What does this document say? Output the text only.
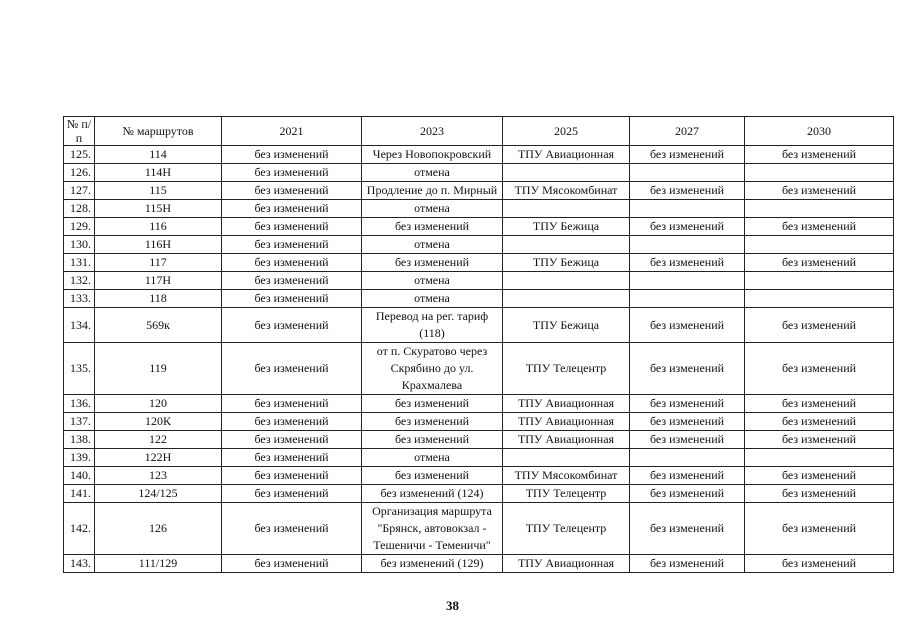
№ п/п	№ маршрутов	2021	2023	2025	2027	2030
125.	114	без изменений	Через Новопокровский	ТПУ Авиационная	без изменений	без изменений
126.	114Н	без изменений	отмена			
127.	115	без изменений	Продление до п. Мирный	ТПУ Мясокомбинат	без изменений	без изменений
128.	115Н	без изменений	отмена			
129.	116	без изменений	без изменений	ТПУ Бежица	без изменений	без изменений
130.	116Н	без изменений	отмена			
131.	117	без изменений	без изменений	ТПУ Бежица	без изменений	без изменений
132.	117Н	без изменений	отмена			
133.	118	без изменений	отмена			
134.	569к	без изменений	Перевод на рег. тариф (118)	ТПУ Бежица	без изменений	без изменений
135.	119	без изменений	от п. Скуратово через Скрябино до ул. Крахмалева	ТПУ Телецентр	без изменений	без изменений
136.	120	без изменений	без изменений	ТПУ Авиационная	без изменений	без изменений
137.	120К	без изменений	без изменений	ТПУ Авиационная	без изменений	без изменений
138.	122	без изменений	без изменений	ТПУ Авиационная	без изменений	без изменений
139.	122Н	без изменений	отмена			
140.	123	без изменений	без изменений	ТПУ Мясокомбинат	без изменений	без изменений
141.	124/125	без изменений	без изменений (124)	ТПУ Телецентр	без изменений	без изменений
142.	126	без изменений	Организация маршрута "Брянск, автовокзал - Тешеничи - Теменичи"	ТПУ Телецентр	без изменений	без изменений
143.	111/129	без изменений	без изменений (129)	ТПУ Авиационная	без изменений	без изменений
38
